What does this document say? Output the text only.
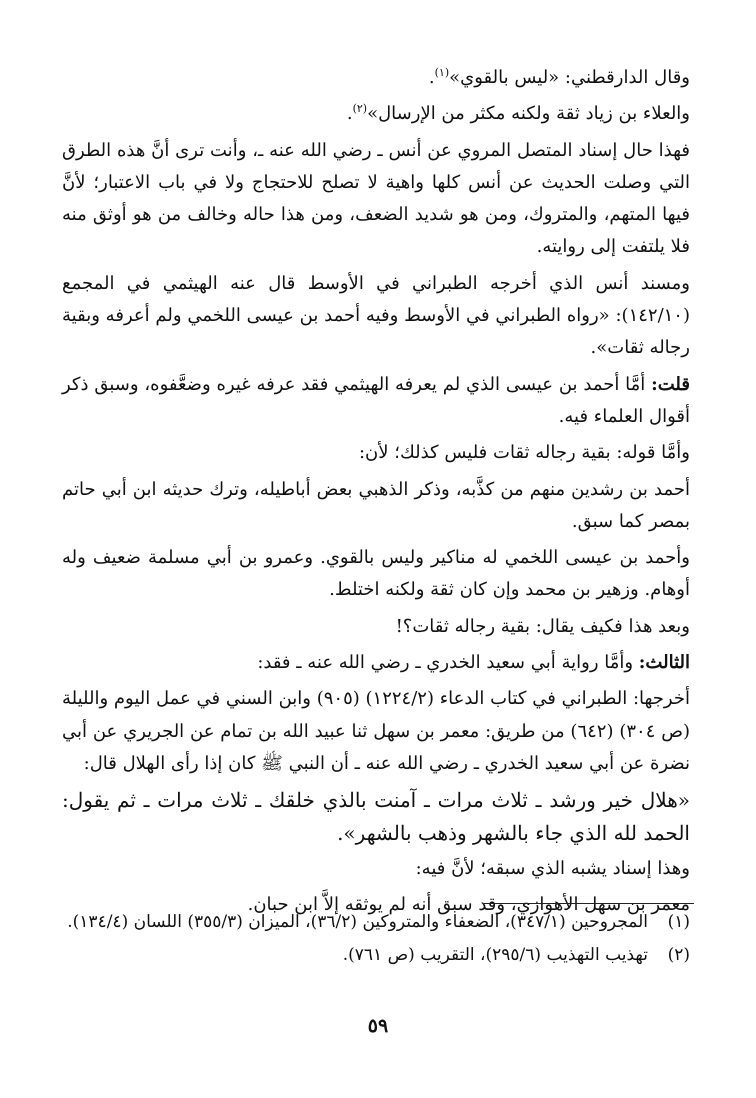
وقال الدارقطني: «ليس بالقوي»$^{(١)}$.

والعلاء بن زياد ثقة ولكنه مكثر من الإرسال»$^{(٢)}$.

فهذا حال إسناد المتصل المروي عن أنس ـ رضي الله عنه ـ، وأنت ترى أنَّ هذه الطرق التي وصلت الحديث عن أنس كلها واهية لا تصلح للاحتجاج ولا في باب الاعتبار؛ لأنَّ فيها المتهم، والمتروك، ومن هو شديد الضعف، ومن هذا حاله وخالف من هو أوثق منه فلا يلتفت إلى روايته.

ومسند أنس الذي أخرجه الطبراني في الأوسط قال عنه الهيثمي في المجمع (١٤٢/١٠): «رواه الطبراني في الأوسط وفيه أحمد بن عيسى اللخمي ولم أعرفه وبقية رجاله ثقات».

قلت: أمَّا أحمد بن عيسى الذي لم يعرفه الهيثمي فقد عرفه غيره وضعَّفوه، وسبق ذكر أقوال العلماء فيه.

وأمَّا قوله: بقية رجاله ثقات فليس كذلك؛ لأن:

أحمد بن رشدين منهم من كذَّبه، وذكر الذهبي بعض أباطيله، وترك حديثه ابن أبي حاتم بمصر كما سبق.

وأحمد بن عيسى اللخمي له مناكير وليس بالقوي. وعمرو بن أبي مسلمة ضعيف وله أوهام. وزهير بن محمد وإن كان ثقة ولكنه اختلط.

وبعد هذا فكيف يقال: بقية رجاله ثقات؟!

الثالث: وأمَّا رواية أبي سعيد الخدري ـ رضي الله عنه ـ فقد:

أخرجها: الطبراني في كتاب الدعاء (١٢٢٤/٢) (٩٠٥) وابن السني في عمل اليوم والليلة (ص ٣٠٤) (٦٤٢) من طريق: معمر بن سهل ثنا عبيد الله بن تمام عن الجريري عن أبي نضرة عن أبي سعيد الخدري ـ رضي الله عنه ـ أن النبي ﷺ كان إذا رأى الهلال قال:

«هلال خير ورشد ـ ثلاث مرات ـ آمنت بالذي خلقك ـ ثلاث مرات ـ ثم يقول: الحمد لله الذي جاء بالشهر وذهب بالشهر».

وهذا إسناد يشبه الذي سبقه؛ لأنَّ فيه:

معمر بن سهل الأهوازي، وقد سبق أنه لم يوثقه إلاَّ ابن حبان.

(١)
المجروحين (٣٤٧/١)، الضعفاء والمتروكين (٣٦/٢)، الميزان (٣٥٥/٣) اللسان (١٣٤/٤).
(٢)
تهذيب التهذيب (٢٩٥/٦)، التقريب (ص ٧٦١).
٥٩
